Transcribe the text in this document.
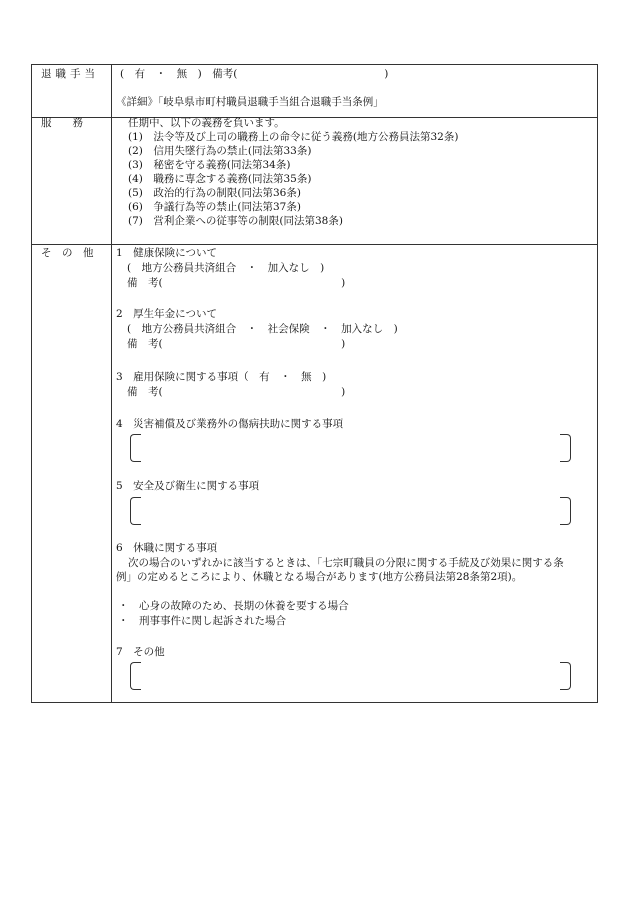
退職手当 (　有　・　無　)　備考(　　　　　　　　　　　　　　)
《詳細》「岐阜県市町村職員退職手当組合退職手当条例」
服　　務	任期中、以下の義務を負います。
(1)　法令等及び上司の職務上の命令に従う義務(地方公務員法第32条)
(2)　信用失墜行為の禁止(同法第33条)
(3)　秘密を守る義務(同法第34条)
(4)　職務に専念する義務(同法第35条)
(5)　政治的行為の制限(同法第36条)
(6)　争議行為等の禁止(同法第37条)
(7)　営利企業への従事等の制限(同法第38条)
そ　の　他 1　健康保険について
(　地方公務員共済組合　・　加入なし　)
備　考(　　　　　　　　　　　　　　　　　)
2　厚生年金について
(　地方公務員共済組合　・　社会保険　・　加入なし　)
備　考(　　　　　　　　　　　　　　　　　)
3　雇用保険に関する事項（　有　・　無　)
備　考(　　　　　　　　　　　　　　　　　)
4　災害補償及び業務外の傷病扶助に関する事項
5　安全及び衛生に関する事項
6　休職に関する事項
次の場合のいずれかに該当するときは、「七宗町職員の分限に関する手続及び効果に関する条例」の定めるところにより、休職となる場合があります(地方公務員法第28条第2項)。
・　心身の故障のため、長期の休養を要する場合
・　刑事事件に関し起訴された場合
7　その他
